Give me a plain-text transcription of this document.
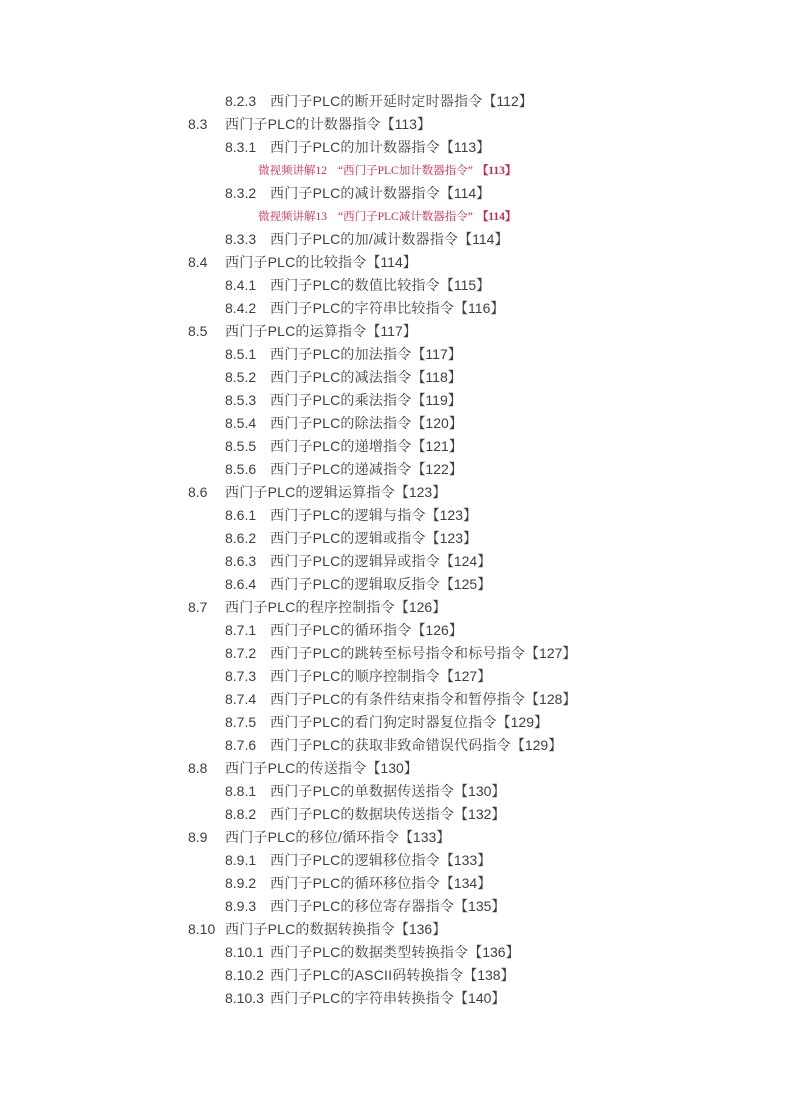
8.2.3 西门子PLC的断开延时定时器指令 【112】
8.3	西门子PLC的计数器指令 【113】
8.3.1 西门子PLC的加计数器指令 【113】
微视频讲解12 “西门子PLC加计数器指令” 【113】
8.3.2 西门子PLC的减计数器指令 【114】
微视频讲解13 “西门子PLC减计数器指令” 【114】
8.3.3 西门子PLC的加/减计数器指令 【114】
8.4	西门子PLC的比较指令 【114】
8.4.1 西门子PLC的数值比较指令 【115】
8.4.2 西门子PLC的字符串比较指令 【116】
8.5	西门子PLC的运算指令 【117】
8.5.1 西门子PLC的加法指令 【117】
8.5.2 西门子PLC的减法指令 【118】
8.5.3 西门子PLC的乘法指令 【119】
8.5.4 西门子PLC的除法指令 【120】
8.5.5 西门子PLC的递增指令 【121】
8.5.6 西门子PLC的递减指令 【122】
8.6	西门子PLC的逻辑运算指令 【123】
8.6.1 西门子PLC的逻辑与指令 【123】
8.6.2 西门子PLC的逻辑或指令 【123】
8.6.3 西门子PLC的逻辑异或指令 【124】
8.6.4 西门子PLC的逻辑取反指令 【125】
8.7	西门子PLC的程序控制指令 【126】
8.7.1 西门子PLC的循环指令 【126】
8.7.2 西门子PLC的跳转至标号指令和标号指令 【127】
8.7.3 西门子PLC的顺序控制指令 【127】
8.7.4 西门子PLC的有条件结束指令和暂停指令 【128】
8.7.5 西门子PLC的看门狗定时器复位指令 【129】
8.7.6 西门子PLC的获取非致命错误代码指令 【129】
8.8	西门子PLC的传送指令 【130】
8.8.1 西门子PLC的单数据传送指令 【130】
8.8.2 西门子PLC的数据块传送指令 【132】
8.9	西门子PLC的移位/循环指令 【133】
8.9.1 西门子PLC的逻辑移位指令 【133】
8.9.2 西门子PLC的循环移位指令 【134】
8.9.3 西门子PLC的移位寄存器指令 【135】
8.10 西门子PLC的数据转换指令 【136】
8.10.1 西门子PLC的数据类型转换指令 【136】
8.10.2 西门子PLC的ASCII码转换指令 【138】
8.10.3 西门子PLC的字符串转换指令 【140】
